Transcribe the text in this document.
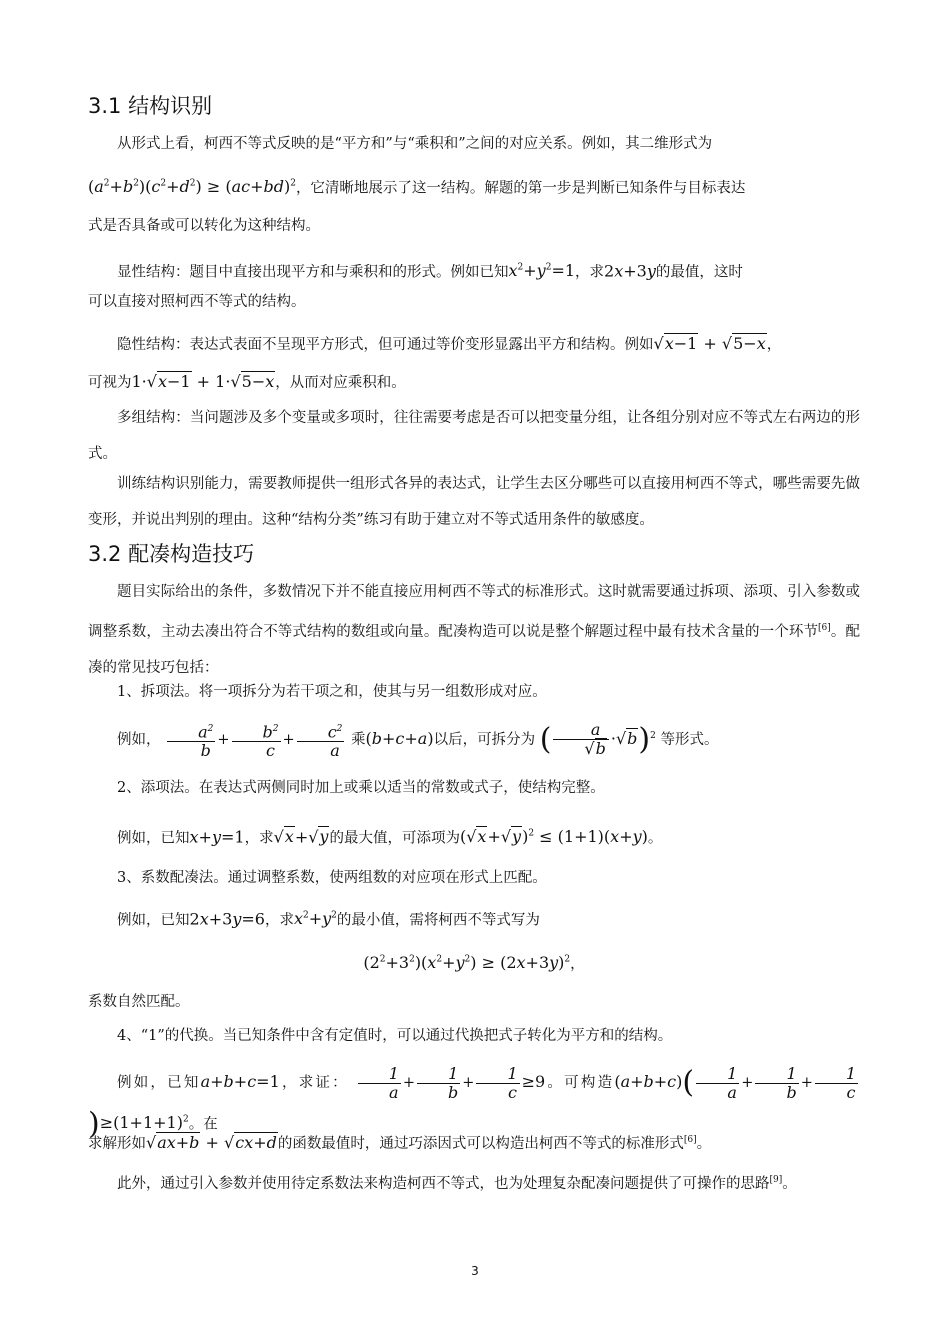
3.1 结构识别
从形式上看，柯西不等式反映的是“平方和”与“乘积和”之间的对应关系。例如，其二维形式为
$(a^2+b^2)(c^2+d^2) \ge (ac+bd)^2$，它清晰地展示了这一结构。解题的第一步是判断已知条件与目标表达
式是否具备或可以转化为这种结构。
显性结构：题目中直接出现平方和与乘积和的形式。例如已知$x^2+y^2=1$，求2x+3y的最值，这时
可以直接对照柯西不等式的结构。
隐性结构：表达式表面不呈现平方形式，但可通过等价变形显露出平方和结构。例如√x−1 + √5−x，
可视为1·√x−1 + 1·√5−x，从而对应乘积和。
多组结构：当问题涉及多个变量或多项时，往往需要考虑是否可以把变量分组，让各组分别对应不等式左右两边的形式。
训练结构识别能力，需要教师提供一组形式各异的表达式，让学生去区分哪些可以直接用柯西不等式，哪些需要先做变形，并说出判别的理由。这种“结构分类”练习有助于建立对不等式适用条件的敏感度。
3.2 配凑构造技巧
题目实际给出的条件，多数情况下并不能直接应用柯西不等式的标准形式。这时就需要通过拆项、添项、引入参数或调整系数，主动去凑出符合不等式结构的数组或向量。配凑构造可以说是整个解题过程中最有技术含量的一个环节[6]。配凑的常见技巧包括：
1、拆项法。将一项拆分为若干项之和，使其与另一组数形成对应。
例如， $\frac{a^2}{b} + \frac{b^2}{c} + \frac{c^2}{a}$ 乘(b+c+a)以后，可拆分为 ( $\frac{a}{√b} \cdot√b)^2$ 等形式。
2、添项法。在表达式两侧同时加上或乘以适当的常数或式子，使结构完整。
例如，已知x+y=1，求√x+√y的最大值，可添项为$(√x+√y)^2 \le (1+1)(x+y)$。
3、系数配凑法。通过调整系数，使两组数的对应项在形式上匹配。
例如，已知2x+3y=6，求$x^2+y^2$的最小值，需将柯西不等式写为
$(2^2+3^2)(x^2+y^2) \ge (2x+3y)^2$，
系数自然匹配。
4、“1”的代换。当已知条件中含有定值时，可以通过代换把式子转化为平方和的结构。
例如，已知a+b+c=1，求证： $\frac{1}{a} + \frac{1}{b} + \frac{1}{c} \ge 9$。可构造$(a+b+c)( \frac{1}{a} + \frac{1}{b} + \frac{1}{c}$
)$\ge(1+1+1)^2$。在
求解形如√ax+b + √cx+d的函数最值时，通过巧添因式可以构造出柯西不等式的标准形式[6]。
此外，通过引入参数并使用待定系数法来构造柯西不等式，也为处理复杂配凑问题提供了可操作的思路[9]。
3
